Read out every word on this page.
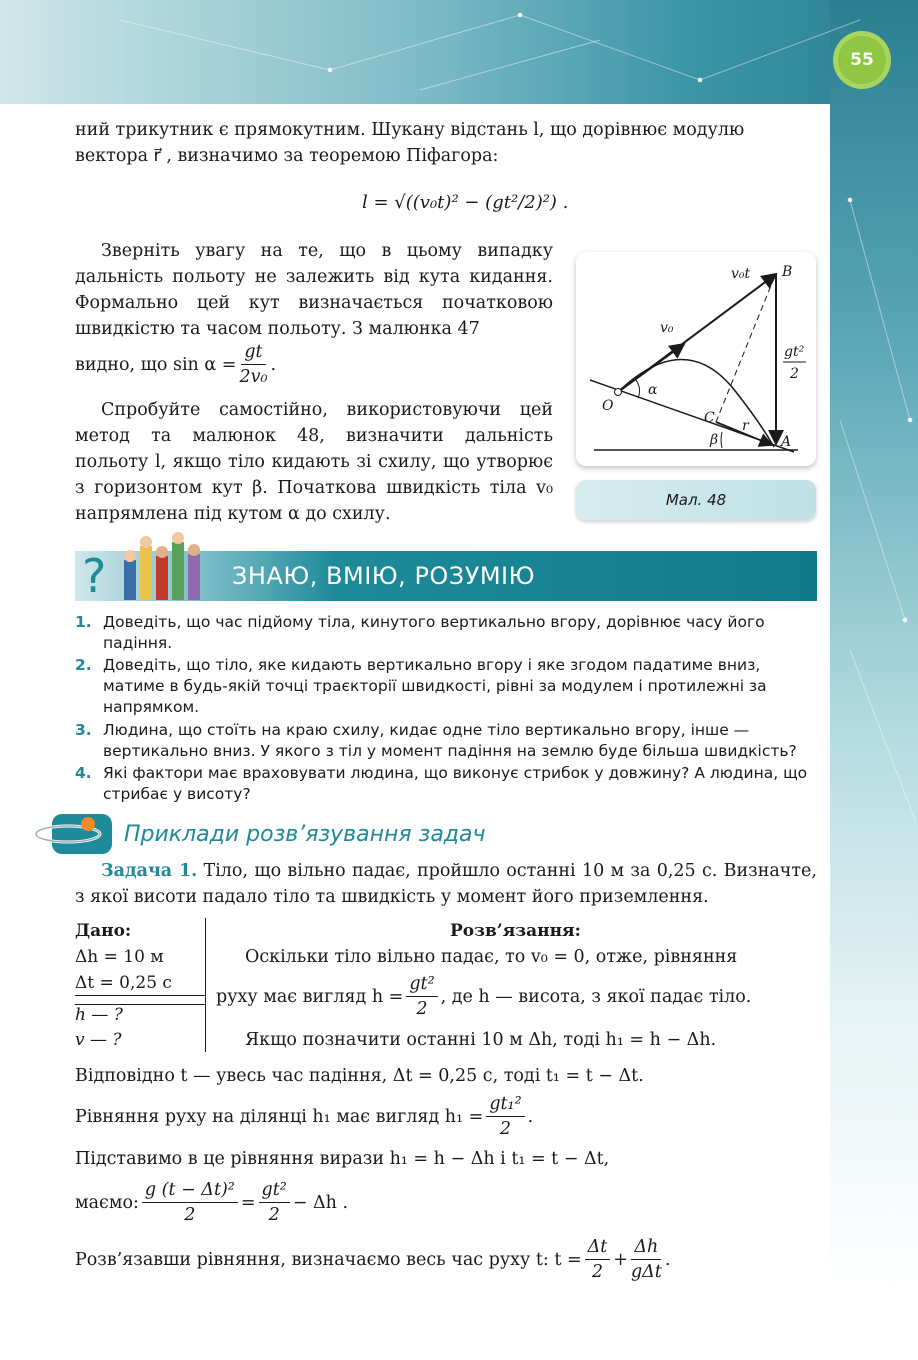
55
ний трикутник є прямокутним. Шукану відстань l, що дорівнює модулю
вектора r⃗ , визначимо за теоремою Піфагора:
l = √((v₀t)² − (gt²/2)²) .
Зверніть увагу на те, що в цьому випадку дальність польоту не залежить від кута кидання. Формально цей кут визначається початковою швидкістю та часом польоту. З малюнка 47
видно, що $\sin \alpha = \frac{gt}{\text{2v₀}}$ .
Спробуйте самостійно, використовуючи цей метод та малюнок 48, визначити дальність польоту l, якщо тіло кидають зі схилу, що утворює з горизонтом кут β. Початкова швидкість тіла v₀ напрямлена під кутом α до схилу.
v₀t B
v₀
gt²
2
α
O
C
β
r
A
Мал. 48
?	ЗНАЮ, ВМІЮ, РОЗУМІЮ
1. Доведіть, що час підйому тіла, кинутого вертикально вгору, дорівнює часу його падіння.
2. Доведіть, що тіло, яке кидають вертикально вгору і яке згодом падатиме вниз, матиме в будь-якій точці траєкторії швидкості, рівні за модулем і протилежні за напрямком.
3. Людина, що стоїть на краю схилу, кидає одне тіло вертикально вгору, інше — вертикально вниз. У якого з тіл у момент падіння на землю буде більша швидкість?
4. Які фактори має враховувати людина, що виконує стрибок у довжину? А людина, що стрибає у висоту?
Приклади розв’язування задач
Задача 1. Тіло, що вільно падає, пройшло останні 10 м за 0,25 с. Визначте, з якої висоти падало тіло та швидкість у момент його приземлення.
Дано:
Δh = 10 м
Δt = 0,25 с
h — ?
v — ?
Розв’язання:
Оскільки тіло вільно падає, то v₀ = 0, отже, рівняння
руху має вигляд $h = \frac{\text{gt²}}{2}$ , де h — висота, з якої падає тіло.
Якщо позначити останні 10 м Δh, тоді h₁ = h − Δh.
Відповідно t — увесь час падіння, Δt = 0,25 с, тоді t₁ = t − Δt.
Рівняння руху на ділянці h₁ має вигляд $h_1 = \frac{\text{gt₁²}}{2}$ .
Підставимо в це рівняння вирази h₁ = h − Δh і t₁ = t − Δt,
маємо: $\frac{\text{g (t − Δt)²}}{2} = \frac{\text{gt²}}{2} - \Delta h$ .
Розв’язавши рівняння, визначаємо весь час руху t: $t = \frac{\Delta t}{2} + \frac{\Delta h}{\text{gΔt}}$ .
